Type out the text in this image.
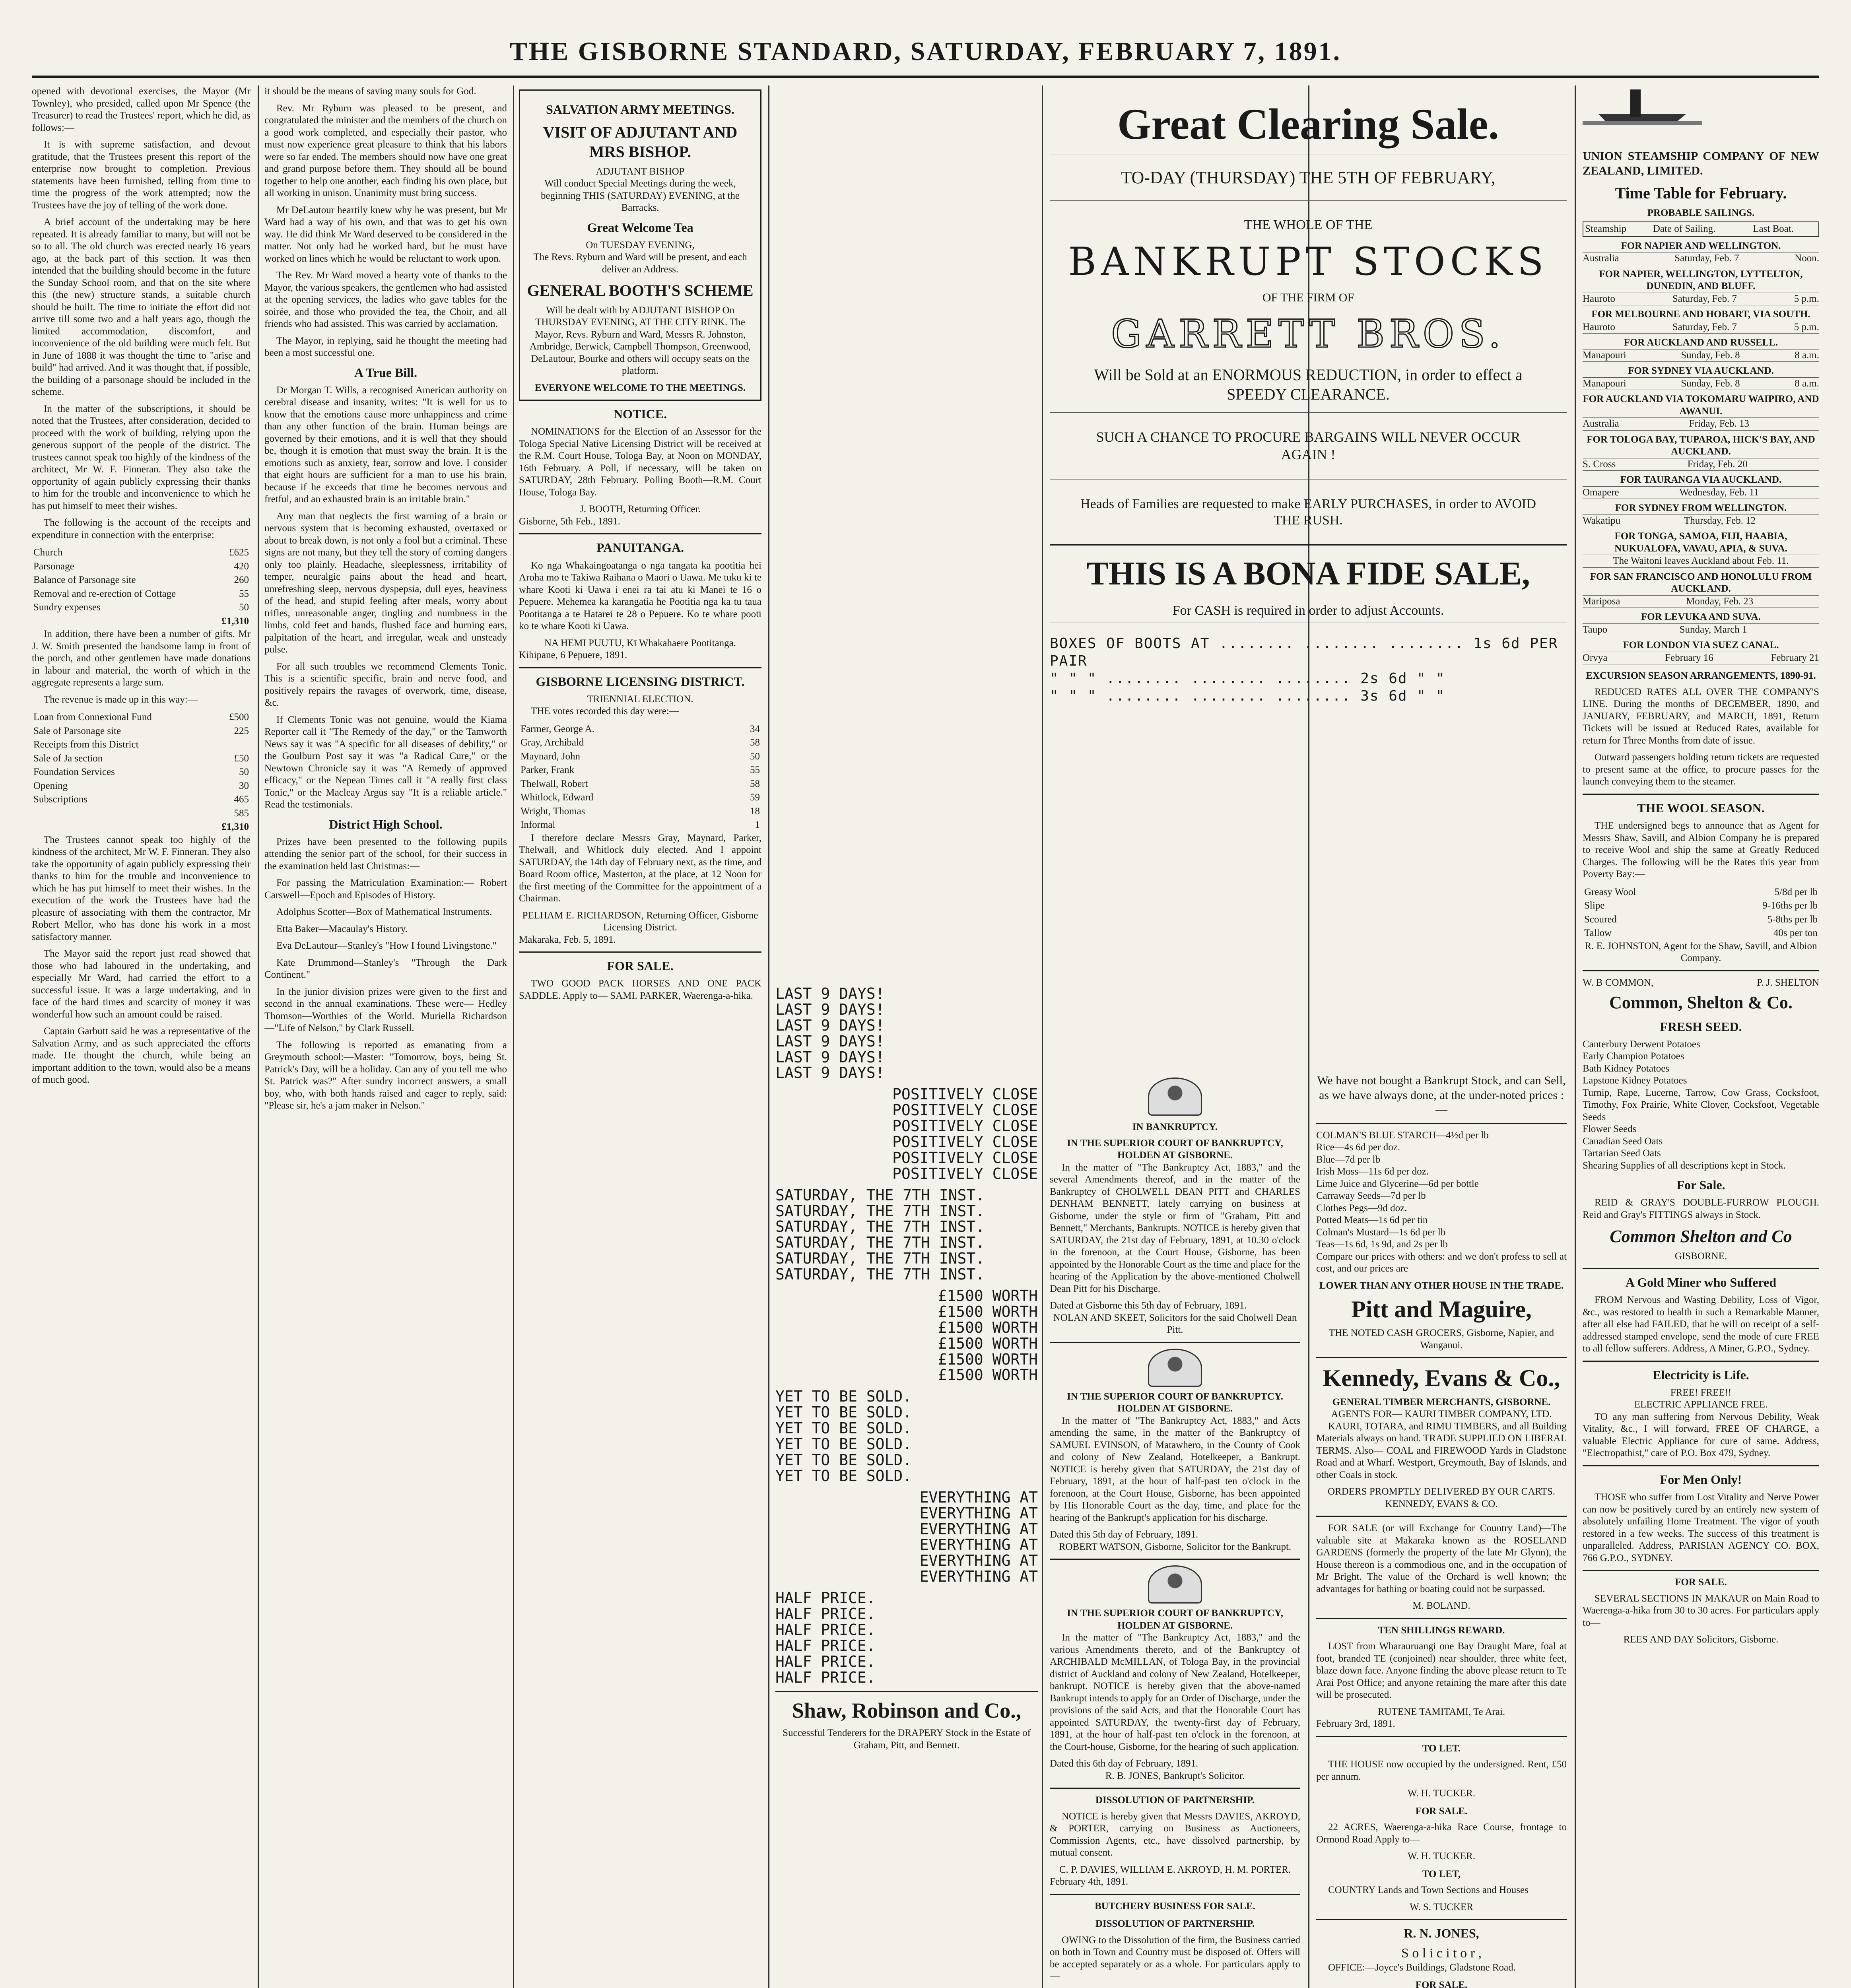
THE GISBORNE STANDARD, SATURDAY, FEBRUARY 7, 1891.

opened with devotional exercises, the Mayor (Mr Townley), who presided, called upon Mr Spence (the Treasurer) to read the Trustees' report, which he did, as follows:—

It is with supreme satisfaction, and devout gratitude, that the Trustees present this report of the enterprise now brought to completion. Previous statements have been furnished, telling from time to time the progress of the work attempted; now the Trustees have the joy of telling of the work done.

A brief account of the undertaking may be here repeated. It is already familiar to many, but will not be so to all. The old church was erected nearly 16 years ago, at the back part of this section. It was then intended that the building should become in the future the Sunday School room, and that on the site where this (the new) structure stands, a suitable church should be built. The time to initiate the effort did not arrive till some two and a half years ago, though the limited accommodation, discomfort, and inconvenience of the old building were much felt. But in June of 1888 it was thought the time to "arise and build" had arrived. And it was thought that, if possible, the building of a parsonage should be included in the scheme.

In the matter of the subscriptions, it should be noted that the Trustees, after consideration, decided to proceed with the work of building, relying upon the generous support of the people of the district. The trustees cannot speak too highly of the kindness of the architect, Mr W. F. Finneran. They also take the opportunity of again publicly expressing their thanks to him for the trouble and inconvenience to which he has put himself to meet their wishes.

The following is the account of the receipts and expenditure in connection with the enterprise:

Church	£625
Parsonage	420
Balance of Parsonage site	260
Removal and re-erection of Cottage	55
Sundry expenses	50
	£1,310

In addition, there have been a number of gifts. Mr J. W. Smith presented the handsome lamp in front of the porch, and other gentlemen have made donations in labour and material, the worth of which in the aggregate represents a large sum.

The revenue is made up in this way:—

Loan from Connexional Fund	£500
Sale of Parsonage site	225
Receipts from this District	
Sale of Ja section	£50
Foundation Services	50
Opening	30
Subscriptions	465
	585
	£1,310

The Trustees cannot speak too highly of the kindness of the architect, Mr W. F. Finneran. They also take the opportunity of again publicly expressing their thanks to him for the trouble and inconvenience to which he has put himself to meet their wishes. In the execution of the work the Trustees have had the pleasure of associating with them the contractor, Mr Robert Mellor, who has done his work in a most satisfactory manner.

The Mayor said the report just read showed that those who had laboured in the undertaking, and especially Mr Ward, had carried the effort to a successful issue. It was a large undertaking, and in face of the hard times and scarcity of money it was wonderful how such an amount could be raised.

Captain Garbutt said he was a representative of the Salvation Army, and as such appreciated the efforts made. He thought the church, while being an important addition to the town, would also be a means of much good.

it should be the means of saving many souls for God.

Rev. Mr Ryburn was pleased to be present, and congratulated the minister and the members of the church on a good work completed, and especially their pastor, who must now experience great pleasure to think that his labors were so far ended. The members should now have one great and grand purpose before them. They should all be bound together to help one another, each finding his own place, but all working in unison. Unanimity must bring success.

Mr DeLautour heartily knew why he was present, but Mr Ward had a way of his own, and that was to get his own way. He did think Mr Ward deserved to be considered in the matter. Not only had he worked hard, but he must have worked on lines which he would be reluctant to work upon.

The Rev. Mr Ward moved a hearty vote of thanks to the Mayor, the various speakers, the gentlemen who had assisted at the opening services, the ladies who gave tables for the soirée, and those who provided the tea, the Choir, and all friends who had assisted. This was carried by acclamation.

The Mayor, in replying, said he thought the meeting had been a most successful one.

A True Bill.

Dr Morgan T. Wills, a recognised American authority on cerebral disease and insanity, writes: "It is well for us to know that the emotions cause more unhappiness and crime than any other function of the brain. Human beings are governed by their emotions, and it is well that they should be, though it is emotion that must sway the brain. It is the emotions such as anxiety, fear, sorrow and love. I consider that eight hours are sufficient for a man to use his brain, because if he exceeds that time he becomes nervous and fretful, and an exhausted brain is an irritable brain."

Any man that neglects the first warning of a brain or nervous system that is becoming exhausted, overtaxed or about to break down, is not only a fool but a criminal. These signs are not many, but they tell the story of coming dangers only too plainly. Headache, sleeplessness, irritability of temper, neuralgic pains about the head and heart, unrefreshing sleep, nervous dyspepsia, dull eyes, heaviness of the head, and stupid feeling after meals, worry about trifles, unreasonable anger, tingling and numbness in the limbs, cold feet and hands, flushed face and burning ears, palpitation of the heart, and irregular, weak and unsteady pulse.

For all such troubles we recommend Clements Tonic. This is a scientific specific, brain and nerve food, and positively repairs the ravages of overwork, time, disease, &c.

If Clements Tonic was not genuine, would the Kiama Reporter call it "The Remedy of the day," or the Tamworth News say it was "A specific for all diseases of debility," or the Goulburn Post say it was "a Radical Cure," or the Newtown Chronicle say it was "A Remedy of approved efficacy," or the Nepean Times call it "A really first class Tonic," or the Macleay Argus say "It is a reliable article." Read the testimonials.

District High School.

Prizes have been presented to the following pupils attending the senior part of the school, for their success in the examination held last Christmas:—

For passing the Matriculation Examination:— Robert Carswell—Epoch and Episodes of History.

Adolphus Scotter—Box of Mathematical Instruments.

Etta Baker—Macaulay's History.

Eva DeLautour—Stanley's "How I found Livingstone."

Kate Drummond—Stanley's "Through the Dark Continent."

In the junior division prizes were given to the first and second in the annual examinations. These were— Hedley Thomson—Worthies of the World. Muriella Richardson—"Life of Nelson," by Clark Russell.

The following is reported as emanating from a Greymouth school:—Master: "Tomorrow, boys, being St. Patrick's Day, will be a holiday. Can any of you tell me who St. Patrick was?" After sundry incorrect answers, a small boy, who, with both hands raised and eager to reply, said: "Please sir, he's a jam maker in Nelson."

Great Clearing Sale.
TO-DAY (THURSDAY) THE 5TH OF FEBRUARY,
THE WHOLE OF THE
BANKRUPT STOCKS
OF THE FIRM OF
GARRETT BROS.
Will be Sold at an ENORMOUS REDUCTION, in order to effect a SPEEDY CLEARANCE.
SUCH A CHANCE TO PROCURE BARGAINS WILL NEVER OCCUR AGAIN !
Heads of Families are requested to make EARLY PURCHASES, in order to AVOID THE RUSH.
THIS IS A BONA FIDE SALE,
For CASH is required in order to adjust Accounts.
BOXES OF BOOTS AT ........ ........ ........ 1s 6d PER PAIR
" " " ........ ........ ........ 2s 6d " "
" " " ........ ........ ........ 3s 6d " "
SALVATION ARMY MEETINGS.
VISIT OF ADJUTANT AND MRS BISHOP.
ADJUTANT BISHOP

Will conduct Special Meetings during the week, beginning THIS (SATURDAY) EVENING, at the Barracks.

Great Welcome Tea
On TUESDAY EVENING,

The Revs. Ryburn and Ward will be present, and each deliver an Address.

GENERAL BOOTH'S SCHEME

Will be dealt with by ADJUTANT BISHOP On THURSDAY EVENING, AT THE CITY RINK. The Mayor, Revs. Ryburn and Ward, Messrs R. Johnston, Ambridge, Berwick, Campbell Thompson, Greenwood, DeLautour, Bourke and others will occupy seats on the platform.

EVERYONE WELCOME TO THE MEETINGS.
NOTICE.

NOMINATIONS for the Election of an Assessor for the Tologa Special Native Licensing District will be received at the R.M. Court House, Tologa Bay, at Noon on MONDAY, 16th February. A Poll, if necessary, will be taken on SATURDAY, 28th February. Polling Booth—R.M. Court House, Tologa Bay.

J. BOOTH, Returning Officer.
Gisborne, 5th Feb., 1891.
PANUITANGA.

Ko nga Whakaingoatanga o nga tangata ka pootitia hei Aroha mo te Takiwa Raihana o Maori o Uawa. Me tuku ki te whare Kooti ki Uawa i enei ra tai atu ki Manei te 16 o Pepuere. Mehemea ka karangatia he Pootitia nga ka tu taua Pootitanga a te Hatarei te 28 o Pepuere. Ko te whare pooti ko te whare Kooti ki Uawa.

NA HEMI PUUTU, Kī Whakahaere Pootitanga.
Kihipane, 6 Pepuere, 1891.
GISBORNE LICENSING DISTRICT.
TRIENNIAL ELECTION.

THE votes recorded this day were:—

Farmer, George A.	34
Gray, Archibald	58
Maynard, John	50
Parker, Frank	55
Thelwall, Robert	58
Whitlock, Edward	59
Wright, Thomas	18
Informal	1

I therefore declare Messrs Gray, Maynard, Parker, Thelwall, and Whitlock duly elected. And I appoint SATURDAY, the 14th day of February next, as the time, and Board Room office, Masterton, at the place, at 12 Noon for the first meeting of the Committee for the appointment of a Chairman.

PELHAM E. RICHARDSON, Returning Officer, Gisborne Licensing District.
Makaraka, Feb. 5, 1891.
FOR SALE.

TWO GOOD PACK HORSES AND ONE PACK SADDLE. Apply to— SAMI. PARKER, Waerenga-a-hika.	LAST 9 DAYS!
LAST 9 DAYS!
LAST 9 DAYS!
LAST 9 DAYS!
LAST 9 DAYS!
LAST 9 DAYS!
POSITIVELY CLOSE
POSITIVELY CLOSE
POSITIVELY CLOSE
POSITIVELY CLOSE
POSITIVELY CLOSE
POSITIVELY CLOSE
SATURDAY, THE 7TH INST.
SATURDAY, THE 7TH INST.
SATURDAY, THE 7TH INST.
SATURDAY, THE 7TH INST.
SATURDAY, THE 7TH INST.
SATURDAY, THE 7TH INST.
£1500 WORTH
£1500 WORTH
£1500 WORTH
£1500 WORTH
£1500 WORTH
£1500 WORTH
YET TO BE SOLD.
YET TO BE SOLD.
YET TO BE SOLD.
YET TO BE SOLD.
YET TO BE SOLD.
YET TO BE SOLD.
EVERYTHING AT
EVERYTHING AT
EVERYTHING AT
EVERYTHING AT
EVERYTHING AT
EVERYTHING AT
HALF PRICE.
HALF PRICE.
HALF PRICE.
HALF PRICE.
HALF PRICE.
HALF PRICE.
Shaw, Robinson and Co.,

Successful Tenderers for the DRAPERY Stock in the Estate of Graham, Pitt, and Bennett.

IN BANKRUPTCY.
IN THE SUPERIOR COURT OF BANKRUPTCY, HOLDEN AT GISBORNE.

In the matter of "The Bankruptcy Act, 1883," and the several Amendments thereof, and in the matter of the Bankruptcy of CHOLWELL DEAN PITT and CHARLES DENHAM BENNETT, lately carrying on business at Gisborne, under the style or firm of "Graham, Pitt and Bennett," Merchants, Bankrupts. NOTICE is hereby given that SATURDAY, the 21st day of February, 1891, at 10.30 o'clock in the forenoon, at the Court House, Gisborne, has been appointed by the Honorable Court as the time and place for the hearing of the Application by the above-mentioned Cholwell Dean Pitt for his Discharge.

Dated at Gisborne this 5th day of February, 1891.
NOLAN AND SKEET, Solicitors for the said Cholwell Dean Pitt.
IN THE SUPERIOR COURT OF BANKRUPTCY. HOLDEN AT GISBORNE.

In the matter of "The Bankruptcy Act, 1883," and Acts amending the same, in the matter of the Bankruptcy of SAMUEL EVINSON, of Matawhero, in the County of Cook and colony of New Zealand, Hotelkeeper, a Bankrupt. NOTICE is hereby given that SATURDAY, the 21st day of February, 1891, at the hour of half-past ten o'clock in the forenoon, at the Court House, Gisborne, has been appointed by His Honorable Court as the day, time, and place for the hearing of the Bankrupt's application for his discharge.

Dated this 5th day of February, 1891.
ROBERT WATSON, Gisborne, Solicitor for the Bankrupt.
IN THE SUPERIOR COURT OF BANKRUPTCY, HOLDEN AT GISBORNE.

In the matter of "The Bankruptcy Act, 1883," and the various Amendments thereto, and of the Bankruptcy of ARCHIBALD McMILLAN, of Tologa Bay, in the provincial district of Auckland and colony of New Zealand, Hotelkeeper, bankrupt. NOTICE is hereby given that the above-named Bankrupt intends to apply for an Order of Discharge, under the provisions of the said Acts, and that the Honorable Court has appointed SATURDAY, the twenty-first day of February, 1891, at the hour of half-past ten o'clock in the forenoon, at the Court-house, Gisborne, for the hearing of such application.

Dated this 6th day of February, 1891.
R. B. JONES, Bankrupt's Solicitor.
DISSOLUTION OF PARTNERSHIP.

NOTICE is hereby given that Messrs DAVIES, AKROYD, & PORTER, carrying on Business as Auctioneers, Commission Agents, etc., have dissolved partnership, by mutual consent.

C. P. DAVIES, WILLIAM E. AKROYD, H. M. PORTER.
February 4th, 1891.
BUTCHERY BUSINESS FOR SALE.
DISSOLUTION OF PARTNERSHIP.

OWING to the Dissolution of the firm, the Business carried on both in Town and Country must be disposed of. Offers will be accepted separately or as a whole. For particulars apply to—

We have not bought a Bankrupt Stock, and can Sell, as we have always done, at the under-noted prices :—

COLMAN'S BLUE STARCH—4½d per lb
Rice—4s 6d per doz.
Blue—7d per lb
Irish Moss—11s 6d per doz.
Lime Juice and Glycerine—6d per bottle
Carraway Seeds—7d per lb
Clothes Pegs—9d doz.
Potted Meats—1s 6d per tin
Colman's Mustard—1s 6d per lb
Teas—1s 6d, 1s 9d, and 2s per lb

Compare our prices with others: and we don't profess to sell at cost, and our prices are

LOWER THAN ANY OTHER HOUSE IN THE TRADE.
Pitt and Maguire,
THE NOTED CASH GROCERS, Gisborne, Napier, and Wanganui.
Kennedy, Evans & Co.,
GENERAL TIMBER MERCHANTS, GISBORNE.
AGENTS FOR— KAURI TIMBER COMPANY, LTD.

KAURI, TOTARA, and RIMU TIMBERS, and all Building Materials always on hand. TRADE SUPPLIED ON LIBERAL TERMS. Also— COAL and FIREWOOD Yards in Gladstone Road and at Wharf. Westport, Greymouth, Bay of Islands, and other Coals in stock.

ORDERS PROMPTLY DELIVERED BY OUR CARTS.
KENNEDY, EVANS & CO.

FOR SALE (or will Exchange for Country Land)—The valuable site at Makaraka known as the ROSELAND GARDENS (formerly the property of the late Mr Glynn), the House thereon is a commodious one, and in the occupation of Mr Bright. The value of the Orchard is well known; the advantages for bathing or boating could not be surpassed.

M. BOLAND.
TEN SHILLINGS REWARD.

LOST from Wharauruangi one Bay Draught Mare, foal at foot, branded TE (conjoined) near shoulder, three white feet, blaze down face. Anyone finding the above please return to Te Arai Post Office; and anyone retaining the mare after this date will be prosecuted.

RUTENE TAMITAMI, Te Arai.
February 3rd, 1891.
TO LET.

THE HOUSE now occupied by the undersigned. Rent, £50 per annum.

W. H. TUCKER.
FOR SALE.

22 ACRES, Waerenga-a-hika Race Course, frontage to Ormond Road Apply to—

W. H. TUCKER.
TO LET,

COUNTRY Lands and Town Sections and Houses

W. S. TUCKER
R. N. JONES,
S o l i c i t o r ,

OFFICE:—Joyce's Buildings, Gladstone Road.

FOR SALE.

UNION STEAMSHIP COMPANY OF NEW ZEALAND, LIMITED.
Time Table for February.
PROBABLE SAILINGS.
Steamship	Date of Sailing.	Last Boat.
FOR NAPIER AND WELLINGTON.
Australia	Saturday, Feb. 7	Noon.
FOR NAPIER, WELLINGTON, LYTTELTON, DUNEDIN, AND BLUFF.
Hauroto	Saturday, Feb. 7	5 p.m.
FOR MELBOURNE AND HOBART, VIA SOUTH.
Hauroto	Saturday, Feb. 7	5 p.m.
FOR AUCKLAND AND RUSSELL.
Manapouri	Sunday, Feb. 8	8 a.m.
FOR SYDNEY VIA AUCKLAND.
Manapouri	Sunday, Feb. 8	8 a.m.
FOR AUCKLAND VIA TOKOMARU WAIPIRO, AND AWANUI.
Australia	Friday, Feb. 13
FOR TOLOGA BAY, TUPAROA, HICK'S BAY, AND AUCKLAND.
S. Cross	Friday, Feb. 20
FOR TAURANGA VIA AUCKLAND.
Omapere	Wednesday, Feb. 11
FOR SYDNEY FROM WELLINGTON.
Wakatipu	Thursday, Feb. 12
FOR TONGA, SAMOA, FIJI, HAABIA, NUKUALOFA, VAVAU, APIA, & SUVA.
The Waitoni leaves Auckland about Feb. 11.
FOR SAN FRANCISCO AND HONOLULU FROM AUCKLAND.
Mariposa	Monday, Feb. 23
FOR LEVUKA AND SUVA.
Taupo	Sunday, March 1
FOR LONDON VIA SUEZ CANAL.
Orvya	February 16	February 21
EXCURSION SEASON ARRANGEMENTS, 1890-91.

REDUCED RATES ALL OVER THE COMPANY'S LINE. During the months of DECEMBER, 1890, and JANUARY, FEBRUARY, and MARCH, 1891, Return Tickets will be issued at Reduced Rates, available for return for Three Months from date of issue.

Outward passengers holding return tickets are requested to present same at the office, to procure passes for the launch conveying them to the steamer.

THE WOOL SEASON.

THE undersigned begs to announce that as Agent for Messrs Shaw, Savill, and Albion Company he is prepared to receive Wool and ship the same at Greatly Reduced Charges. The following will be the Rates this year from Poverty Bay:—

Greasy Wool	5/8d per lb
Slipe	9-16ths per lb
Scoured	5-8ths per lb
Tallow	40s per ton
R. E. JOHNSTON, Agent for the Shaw, Savill, and Albion Company.
W. B COMMON,	P. J. SHELTON
Common, Shelton & Co.
FRESH SEED.
Canterbury Derwent Potatoes
Early Champion Potatoes
Bath Kidney Potatoes
Lapstone Kidney Potatoes
Turnip, Rape, Lucerne, Tarrow, Cow Grass, Cocksfoot, Timothy, Fox Prairie, White Clover, Cocksfoot, Vegetable Seeds
Flower Seeds
Canadian Seed Oats
Tartarian Seed Oats

Shearing Supplies of all descriptions kept in Stock.

For Sale.

REID & GRAY'S DOUBLE-FURROW PLOUGH. Reid and Gray's FITTINGS always in Stock.

Common Shelton and Co
GISBORNE.
A Gold Miner who Suffered

FROM Nervous and Wasting Debility, Loss of Vigor, &c., was restored to health in such a Remarkable Manner, after all else had FAILED, that he will on receipt of a self-addressed stamped envelope, send the mode of cure FREE to all fellow sufferers. Address, A Miner, G.P.O., Sydney.

Electricity is Life.
FREE! FREE!!
ELECTRIC APPLIANCE FREE.

TO any man suffering from Nervous Debility, Weak Vitality, &c., I will forward, FREE OF CHARGE, a valuable Electric Appliance for cure of same. Address, "Electropathist," care of P.O. Box 479, Sydney.

For Men Only!

THOSE who suffer from Lost Vitality and Nerve Power can now be positively cured by an entirely new system of absolutely unfailing Home Treatment. The vigor of youth restored in a few weeks. The success of this treatment is unparalleled. Address, PARISIAN AGENCY CO. BOX, 766 G.P.O., SYDNEY.

FOR SALE.

SEVERAL SECTIONS IN MAKAUR on Main Road to Waerenga-a-hika from 30 to 30 acres. For particulars apply to—

REES AND DAY Solicitors, Gisborne.
